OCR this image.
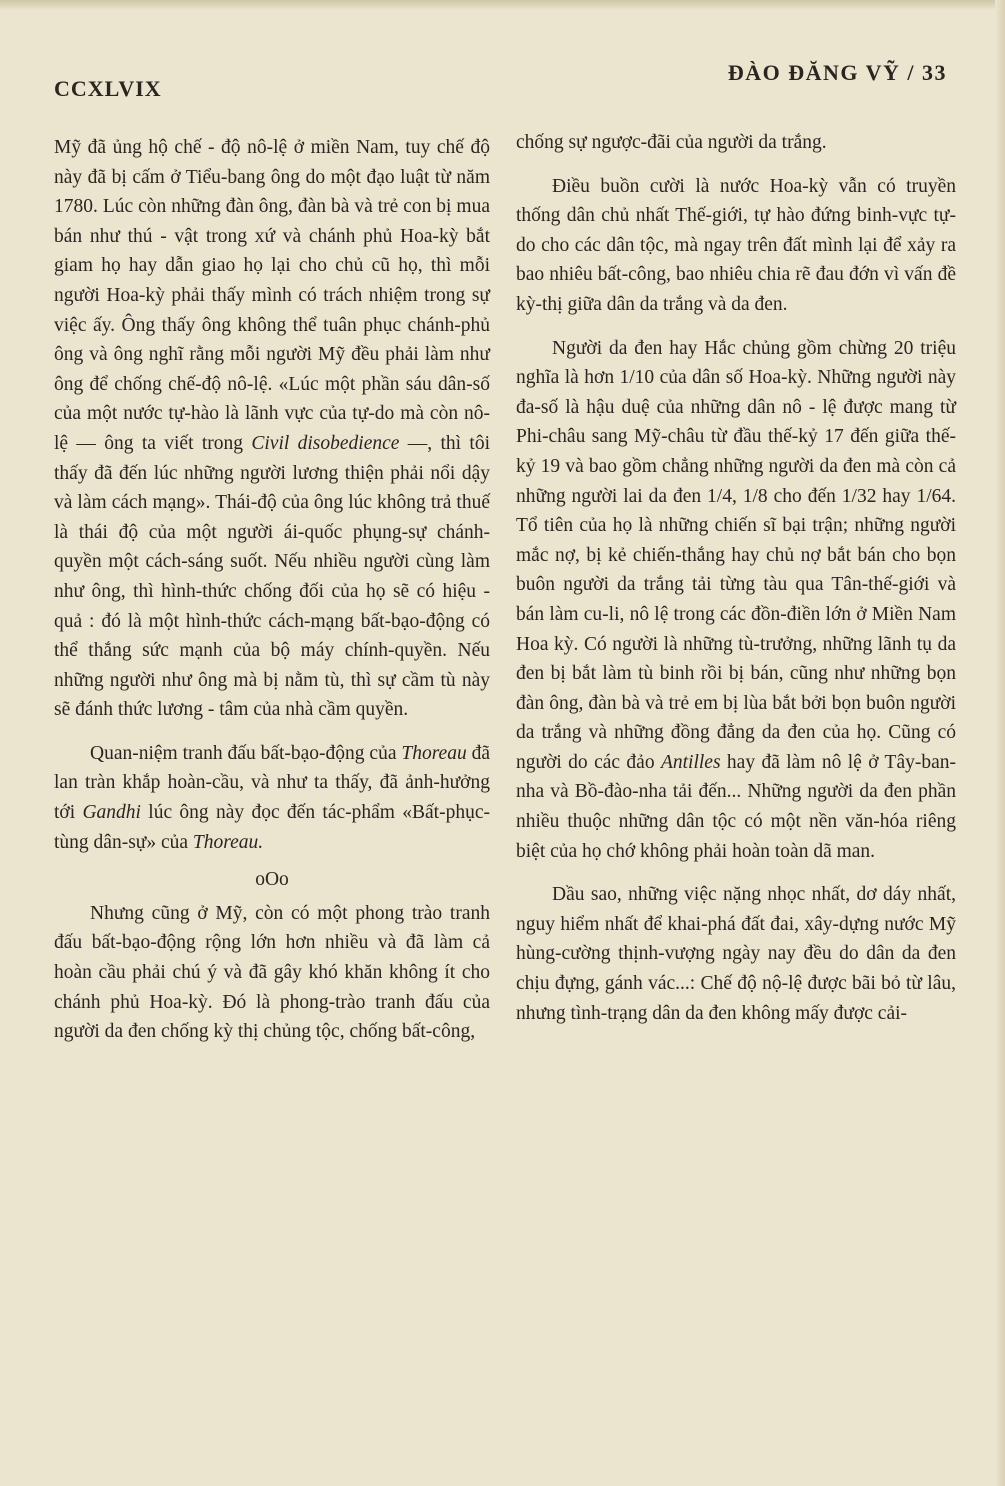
CCXLVIX
ĐÀO ĐĂNG VỸ / 33

Mỹ đã ủng hộ chế - độ nô-lệ ở miền Nam, tuy chế độ này đã bị cấm ở Tiểu-bang ông do một đạo luật từ năm 1780. Lúc còn những đàn ông, đàn bà và trẻ con bị mua bán như thú - vật trong xứ và chánh phủ Hoa-kỳ bắt giam họ hay dẫn giao họ lại cho chủ cũ họ, thì mỗi người Hoa-kỳ phải thấy mình có trách nhiệm trong sự việc ấy. Ông thấy ông không thể tuân phục chánh-phủ ông và ông nghĩ rằng mỗi người Mỹ đều phải làm như ông để chống chế-độ nô-lệ. «Lúc một phần sáu dân-số của một nước tự-hào là lãnh vực của tự-do mà còn nô-lệ — ông ta viết trong Civil disobedience —, thì tôi thấy đã đến lúc những người lương thiện phải nổi dậy và làm cách mạng». Thái-độ của ông lúc không trả thuế là thái độ của một người ái-quốc phụng-sự chánh-quyền một cách-sáng suốt. Nếu nhiều người cùng làm như ông, thì hình-thức chống đối của họ sẽ có hiệu - quả : đó là một hình-thức cách-mạng bất-bạo-động có thể thắng sức mạnh của bộ máy chính-quyền. Nếu những người như ông mà bị nằm tù, thì sự cầm tù này sẽ đánh thức lương - tâm của nhà cầm quyền.

Quan-niệm tranh đấu bất-bạo-động của Thoreau đã lan tràn khắp hoàn-cầu, và như ta thấy, đã ảnh-hưởng tới Gandhi lúc ông này đọc đến tác-phẩm «Bất-phục-tùng dân-sự» của Thoreau.

oOo

Nhưng cũng ở Mỹ, còn có một phong trào tranh đấu bất-bạo-động rộng lớn hơn nhiều và đã làm cả hoàn cầu phải chú ý và đã gây khó khăn không ít cho chánh phủ Hoa-kỳ. Đó là phong-trào tranh đấu của người da đen chống kỳ thị chủng tộc, chống bất-công,

chống sự ngược-đãi của người da trắng.

Điều buồn cười là nước Hoa-kỳ vẫn có truyền thống dân chủ nhất Thế-giới, tự hào đứng binh-vực tự-do cho các dân tộc, mà ngay trên đất mình lại để xảy ra bao nhiêu bất-công, bao nhiêu chia rẽ đau đớn vì vấn đề kỳ-thị giữa dân da trắng và da đen.

Người da đen hay Hắc chủng gồm chừng 20 triệu nghĩa là hơn 1/10 của dân số Hoa-kỳ. Những người này đa-số là hậu duệ của những dân nô - lệ được mang từ Phi-châu sang Mỹ-châu từ đầu thế-kỷ 17 đến giữa thế-kỷ 19 và bao gồm chẳng những người da đen mà còn cả những người lai da đen 1/4, 1/8 cho đến 1/32 hay 1/64. Tổ tiên của họ là những chiến sĩ bại trận; những người mắc nợ, bị kẻ chiến-thắng hay chủ nợ bắt bán cho bọn buôn người da trắng tải từng tàu qua Tân-thế-giới và bán làm cu-li, nô lệ trong các đồn-điền lớn ở Miền Nam Hoa kỳ. Có người là những tù-trưởng, những lãnh tụ da đen bị bắt làm tù binh rồi bị bán, cũng như những bọn đàn ông, đàn bà và trẻ em bị lùa bắt bởi bọn buôn người da trắng và những đồng đẳng da đen của họ. Cũng có người do các đảo Antilles hay đã làm nô lệ ở Tây-ban-nha và Bồ-đào-nha tải đến... Những người da đen phần nhiều thuộc những dân tộc có một nền văn-hóa riêng biệt của họ chớ không phải hoàn toàn dã man.

Dầu sao, những việc nặng nhọc nhất, dơ dáy nhất, nguy hiểm nhất để khai-phá đất đai, xây-dựng nước Mỹ hùng-cường thịnh-vượng ngày nay đều do dân da đen chịu đựng, gánh vác...: Chế độ nộ-lệ được bãi bỏ từ lâu, nhưng tình-trạng dân da đen không mấy được cải-
